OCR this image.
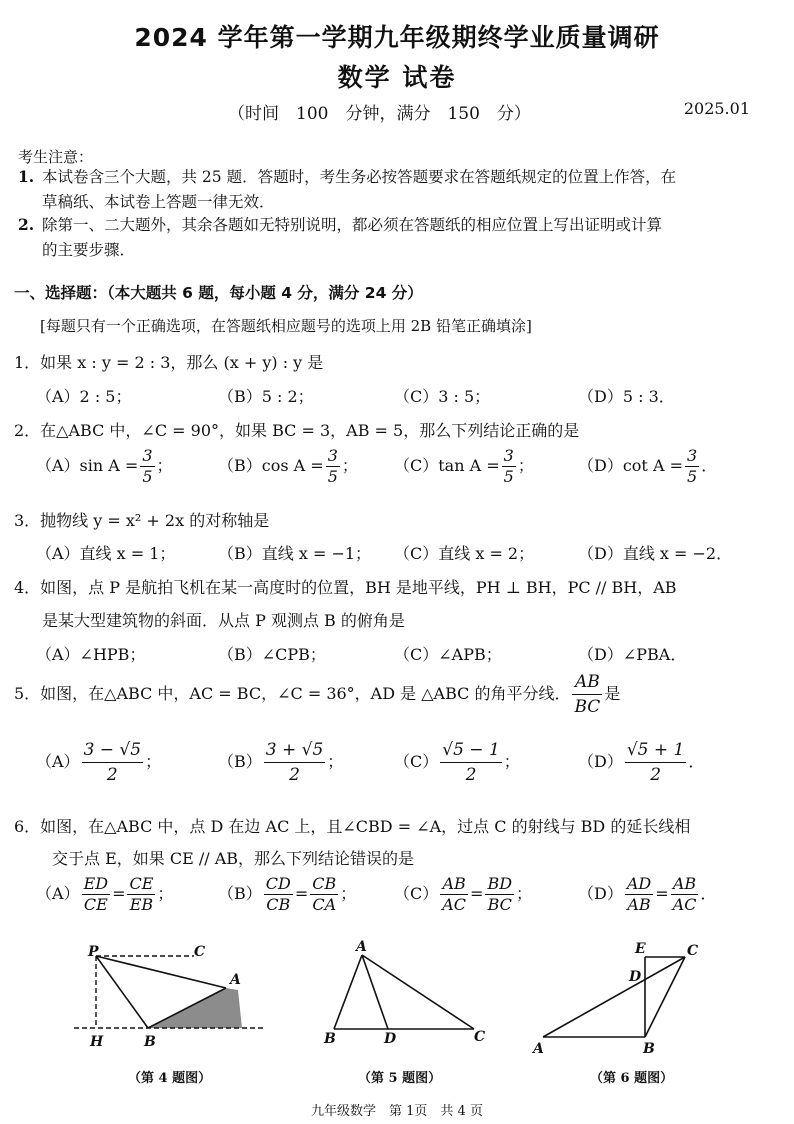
2024 学年第一学期九年级期终学业质量调研
数学 试卷
（时间　100　分钟，满分　150　分）	2025.01
考生注意：
1. 本试卷含三个大题，共 25 题．答题时，考生务必按答题要求在答题纸规定的位置上作答，在
草稿纸、本试卷上答题一律无效．
2. 除第一、二大题外，其余各题如无特别说明，都必须在答题纸的相应位置上写出证明或计算
的主要步骤．
一、选择题：（本大题共 6 题，每小题 4 分，满分 24 分）
[每题只有一个正确选项，在答题纸相应题号的选项上用 2B 铅笔正确填涂]
1．如果 x : y = 2 : 3，那么 (x + y) : y 是
（A）2 : 5；	（B）5 : 2；	（C）3 : 5；	（D）5 : 3．
2．在△ABC 中，∠C = 90°，如果 BC = 3，AB = 5，那么下列结论正确的是
（A）sin $A = \frac{3}{5}$ ；	（B）cos $A = \frac{3}{5}$ ； （C）tan $A = \frac{3}{5}$ ；	（D）cot $A = \frac{3}{5}$ ．
3．抛物线 y = x² + 2x 的对称轴是
（A）直线 x = 1；	（B）直线 x = −1； （C）直线 x = 2；	（D）直线 x = −2．
4．如图，点 P 是航拍飞机在某一高度时的位置，BH 是地平线，PH ⊥ BH，PC // BH，AB
是某大型建筑物的斜面．从点 P 观测点 B 的俯角是
（A）∠HPB；	（B）∠CPB；	（C）∠APB；	（D）∠PBA．
5．如图，在△ABC 中，AC = BC，∠C = 36°，AD 是 △ABC 的角平分线． $\frac{AB}{BC}$ 是
$(A) \frac{3 - √5}{2}$ ；	$(B) \frac{3 + √5}{2}$ ；	$(C) \frac{√5 - 1}{2}$ ；	$(D) \frac{√5 + 1}{2}$ ．
6．如图，在△ABC 中，点 D 在边 AC 上，且∠CBD = ∠A，过点 C 的射线与 BD 的延长线相
交于点 E，如果 CE // AB，那么下列结论错误的是
$(A) \frac{ED}{CE} = \frac{CE}{EB}$ ；	$(B) \frac{CD}{CB} = \frac{CB}{CA}$ ； $(C) \frac{AB}{AC} = \frac{BD}{BC}$ ；	$(D) \frac{AD}{AB} = \frac{AB}{AC}$ ．
P	C
A
H	B
A
B	D	C
E	C
D
A	B
（第 4 题图）	（第 5 题图）	（第 6 题图）
九年级数学　第 1页　共 4 页
